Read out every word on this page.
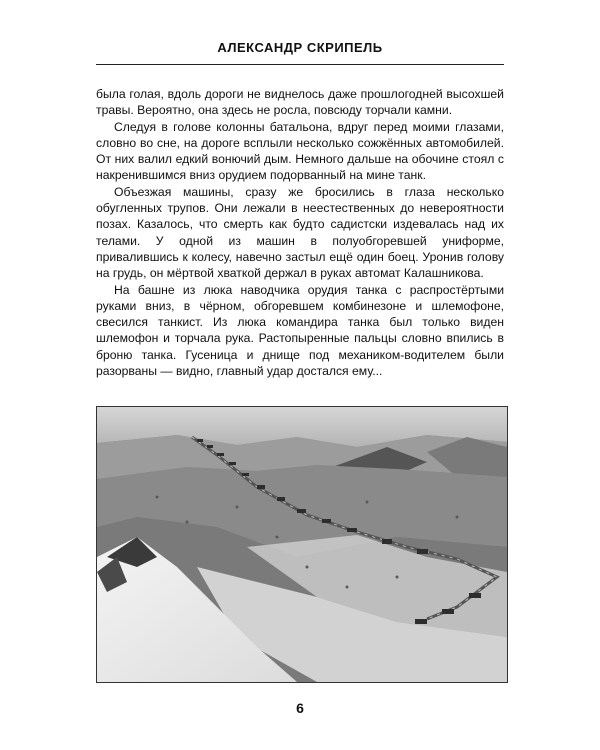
АЛЕКСАНДР СКРИПЕЛЬ

была голая, вдоль дороги не виднелось даже прошлогодней высохшей травы. Вероятно, она здесь не росла, повсюду торчали камни.

Следуя в голове колонны батальона, вдруг перед моими глазами, словно во сне, на дороге всплыли несколько сожжённых автомобилей. От них валил едкий вонючий дым. Немного дальше на обочине стоял с накренившимся вниз орудием подорванный на мине танк.

Объезжая машины, сразу же бросились в глаза несколько обугленных трупов. Они лежали в неестественных до невероятности позах. Казалось, что смерть как будто садистски издевалась над их телами. У одной из машин в полуобгоревшей униформе, привалившись к колесу, навечно застыл ещё один боец. Уронив голову на грудь, он мёртвой хваткой держал в руках автомат Калашникова.

На башне из люка наводчика орудия танка с распростёртыми руками вниз, в чёрном, обгоревшем комбинезоне и шлемофоне, свесился танкист. Из люка командира танка был только виден шлемофон и торчала рука. Растопыренные пальцы словно впились в броню танка. Гусеница и днище под механиком-водителем были разорваны — видно, главный удар достался ему...

6
